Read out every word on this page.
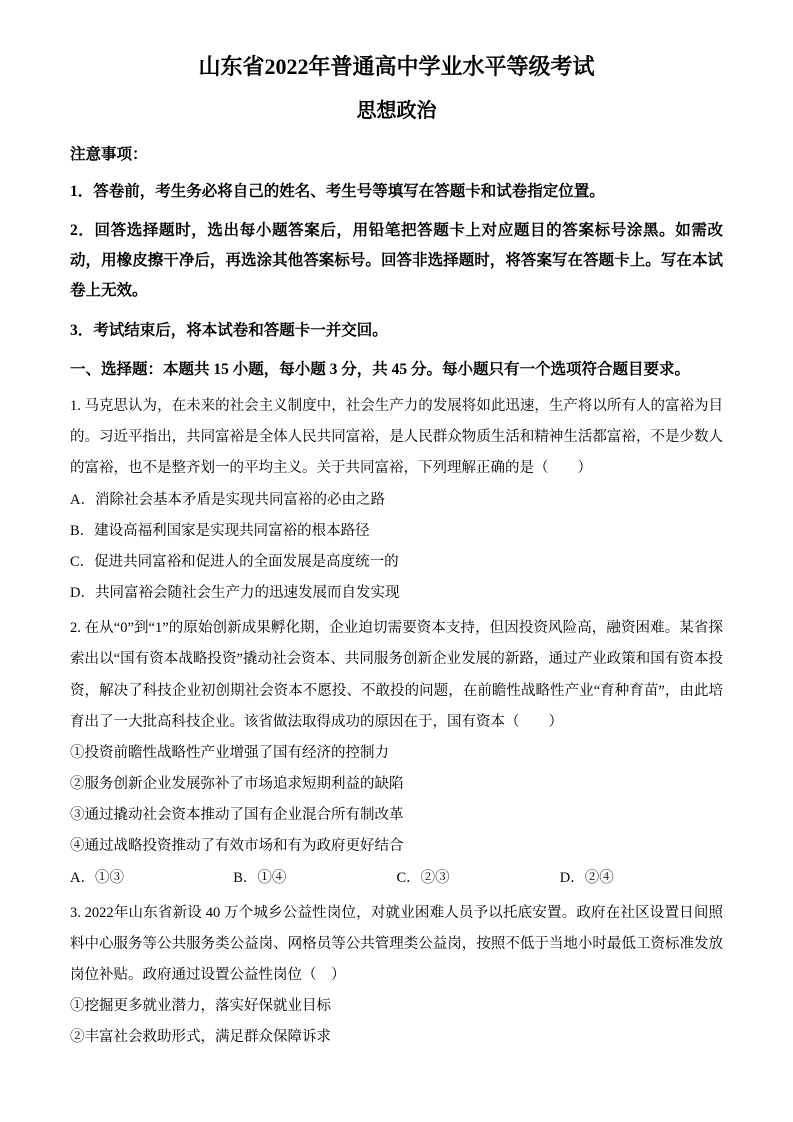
山东省2022年普通高中学业水平等级考试
思想政治

注意事项：

1．答卷前，考生务必将自己的姓名、考生号等填写在答题卡和试卷指定位置。

2．回答选择题时，选出每小题答案后，用铅笔把答题卡上对应题目的答案标号涂黑。如需改动，用橡皮擦干净后，再选涂其他答案标号。回答非选择题时，将答案写在答题卡上。写在本试卷上无效。

3．考试结束后，将本试卷和答题卡一并交回。

一、选择题：本题共 15 小题，每小题 3 分，共 45 分。每小题只有一个选项符合题目要求。

1. 马克思认为，在未来的社会主义制度中，社会生产力的发展将如此迅速，生产将以所有人的富裕为目的。习近平指出，共同富裕是全体人民共同富裕，是人民群众物质生活和精神生活都富裕，不是少数人的富裕，也不是整齐划一的平均主义。关于共同富裕，下列理解正确的是（　　）

A．消除社会基本矛盾是实现共同富裕的必由之路

B．建设高福利国家是实现共同富裕的根本路径

C．促进共同富裕和促进人的全面发展是高度统一的

D．共同富裕会随社会生产力的迅速发展而自发实现

2. 在从“0”到“1”的原始创新成果孵化期，企业迫切需要资本支持，但因投资风险高，融资困难。某省探索出以“国有资本战略投资”撬动社会资本、共同服务创新企业发展的新路，通过产业政策和国有资本投资，解决了科技企业初创期社会资本不愿投、不敢投的问题，在前瞻性战略性产业“育种育苗”，由此培育出了一大批高科技企业。该省做法取得成功的原因在于，国有资本（　　）

①投资前瞻性战略性产业增强了国有经济的控制力

②服务创新企业发展弥补了市场追求短期利益的缺陷

③通过撬动社会资本推动了国有企业混合所有制改革

④通过战略投资推动了有效市场和有为政府更好结合

A．①③	B．①④	C．②③	D．②④

3. 2022年山东省新设 40 万个城乡公益性岗位，对就业困难人员予以托底安置。政府在社区设置日间照料中心服务等公共服务类公益岗、网格员等公共管理类公益岗，按照不低于当地小时最低工资标准发放岗位补贴。政府通过设置公益性岗位（　）

①挖掘更多就业潜力，落实好保就业目标

②丰富社会救助形式，满足群众保障诉求
